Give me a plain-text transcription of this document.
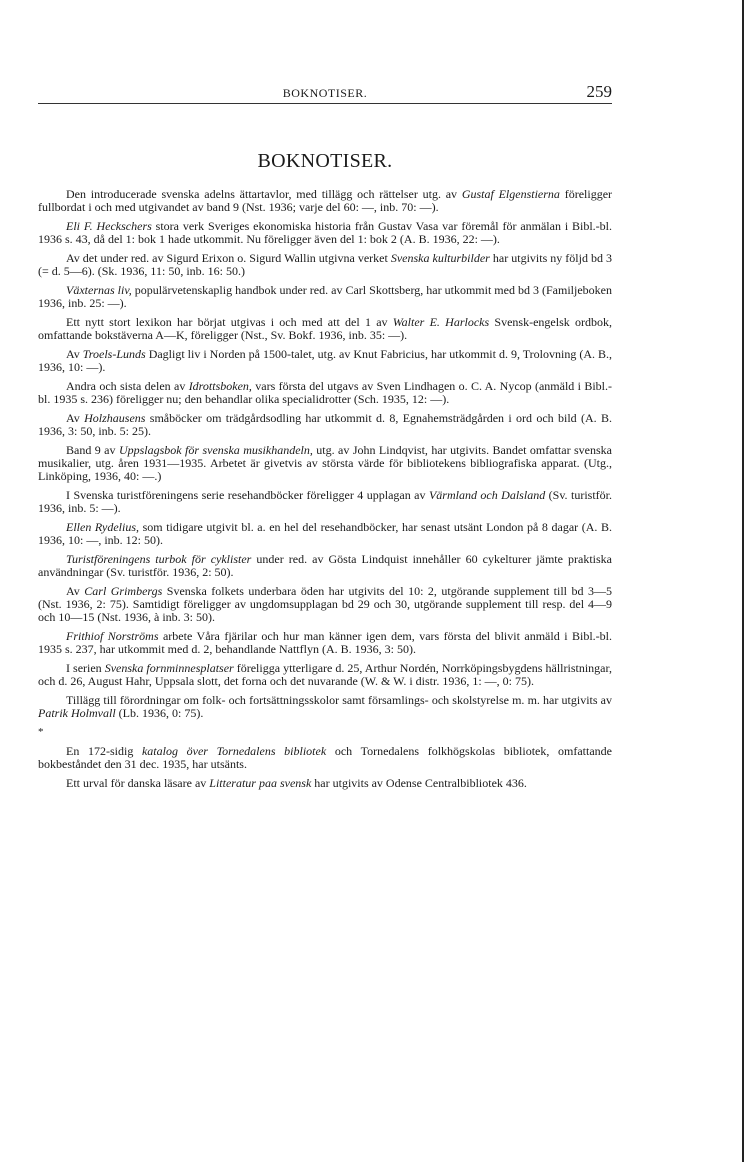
BOKNOTISER.	259
BOKNOTISER.

Den introducerade svenska adelns ättartavlor, med tillägg och rättelser utg. av Gustaf Elgenstierna föreligger fullbordat i och med utgivandet av band 9 (Nst. 1936; varje del 60: —, inb. 70: —).

Eli F. Heckschers stora verk Sveriges ekonomiska historia från Gustav Vasa var föremål för anmälan i Bibl.-bl. 1936 s. 43, då del 1: bok 1 hade utkommit. Nu föreligger även del 1: bok 2 (A. B. 1936, 22: —).

Av det under red. av Sigurd Erixon o. Sigurd Wallin utgivna verket Svenska kulturbilder har utgivits ny följd bd 3 (= d. 5—6). (Sk. 1936, 11: 50, inb. 16: 50.)

Växternas liv, populärvetenskaplig handbok under red. av Carl Skottsberg, har utkommit med bd 3 (Familjeboken 1936, inb. 25: —).

Ett nytt stort lexikon har börjat utgivas i och med att del 1 av Walter E. Harlocks Svensk-engelsk ordbok, omfattande bokstäverna A—K, föreligger (Nst., Sv. Bokf. 1936, inb. 35: —).

Av Troels-Lunds Dagligt liv i Norden på 1500-talet, utg. av Knut Fabricius, har utkommit d. 9, Trolovning (A. B., 1936, 10: —).

Andra och sista delen av Idrottsboken, vars första del utgavs av Sven Lindhagen o. C. A. Nycop (anmäld i Bibl.-bl. 1935 s. 236) föreligger nu; den behandlar olika specialidrotter (Sch. 1935, 12: —).

Av Holzhausens småböcker om trädgårdsodling har utkommit d. 8, Egnahemsträdgården i ord och bild (A. B. 1936, 3: 50, inb. 5: 25).

Band 9 av Uppslagsbok för svenska musikhandeln, utg. av John Lindqvist, har utgivits. Bandet omfattar svenska musikalier, utg. åren 1931—1935. Arbetet är givetvis av största värde för bibliotekens bibliografiska apparat. (Utg., Linköping, 1936, 40: —.)

I Svenska turistföreningens serie resehandböcker föreligger 4 upplagan av Värmland och Dalsland (Sv. turistför. 1936, inb. 5: —).

Ellen Rydelius, som tidigare utgivit bl. a. en hel del resehandböcker, har senast utsänt London på 8 dagar (A. B. 1936, 10: —, inb. 12: 50).

Turistföreningens turbok för cyklister under red. av Gösta Lindquist innehåller 60 cykelturer jämte praktiska användningar (Sv. turistför. 1936, 2: 50).

Av Carl Grimbergs Svenska folkets underbara öden har utgivits del 10: 2, utgörande supplement till bd 3—5 (Nst. 1936, 2: 75). Samtidigt föreligger av ungdomsupplagan bd 29 och 30, utgörande supplement till resp. del 4—9 och 10—15 (Nst. 1936, à inb. 3: 50).

Frithiof Norströms arbete Våra fjärilar och hur man känner igen dem, vars första del blivit anmäld i Bibl.-bl. 1935 s. 237, har utkommit med d. 2, behandlande Nattflyn (A. B. 1936, 3: 50).

I serien Svenska fornminnesplatser föreligga ytterligare d. 25, Arthur Nordén, Norrköpingsbygdens hällristningar, och d. 26, August Hahr, Uppsala slott, det forna och det nuvarande (W. & W. i distr. 1936, 1: —, 0: 75).

Tillägg till förordningar om folk- och fortsättningsskolor samt församlings- och skolstyrelse m. m. har utgivits av Patrik Holmvall (Lb. 1936, 0: 75).

*

En 172-sidig katalog över Tornedalens bibliotek och Tornedalens folkhögskolas bibliotek, omfattande bokbeståndet den 31 dec. 1935, har utsänts.

Ett urval för danska läsare av Litteratur paa svensk har utgivits av Odense Centralbibliotek 436.
